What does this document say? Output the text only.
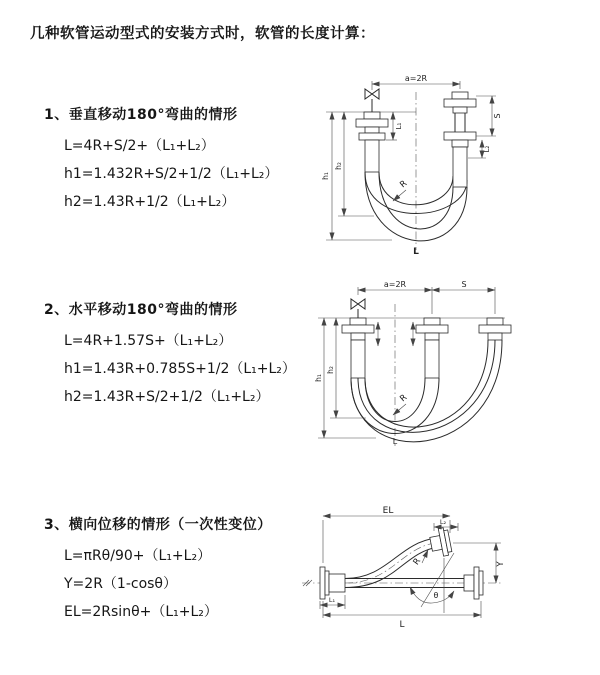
几种软管运动型式的安装方式时，软管的长度计算：
1、垂直移动180°弯曲的情形
L=4R+S/2+（L₁+L₂）
h1=1.432R+S/2+1/2（L₁+L₂）
h2=1.43R+1/2（L₁+L₂）
a=2R
L₁
S
L₂
h₁
h₂
R
L
2、水平移动180°弯曲的情形
L=4R+1.57S+（L₁+L₂）
h1=1.43R+0.785S+1/2（L₁+L₂）
h2=1.43R+S/2+1/2（L₁+L₂）
a=2R	S
h₁
h₂
R
L
3、横向位移的情形（一次性变位）
L=πRθ/90+（L₁+L₂）
Y=2R（1-cosθ）
EL=2Rsinθ+（L₁+L₂）
EL
L₂
Y
θ
R
L₁
L
